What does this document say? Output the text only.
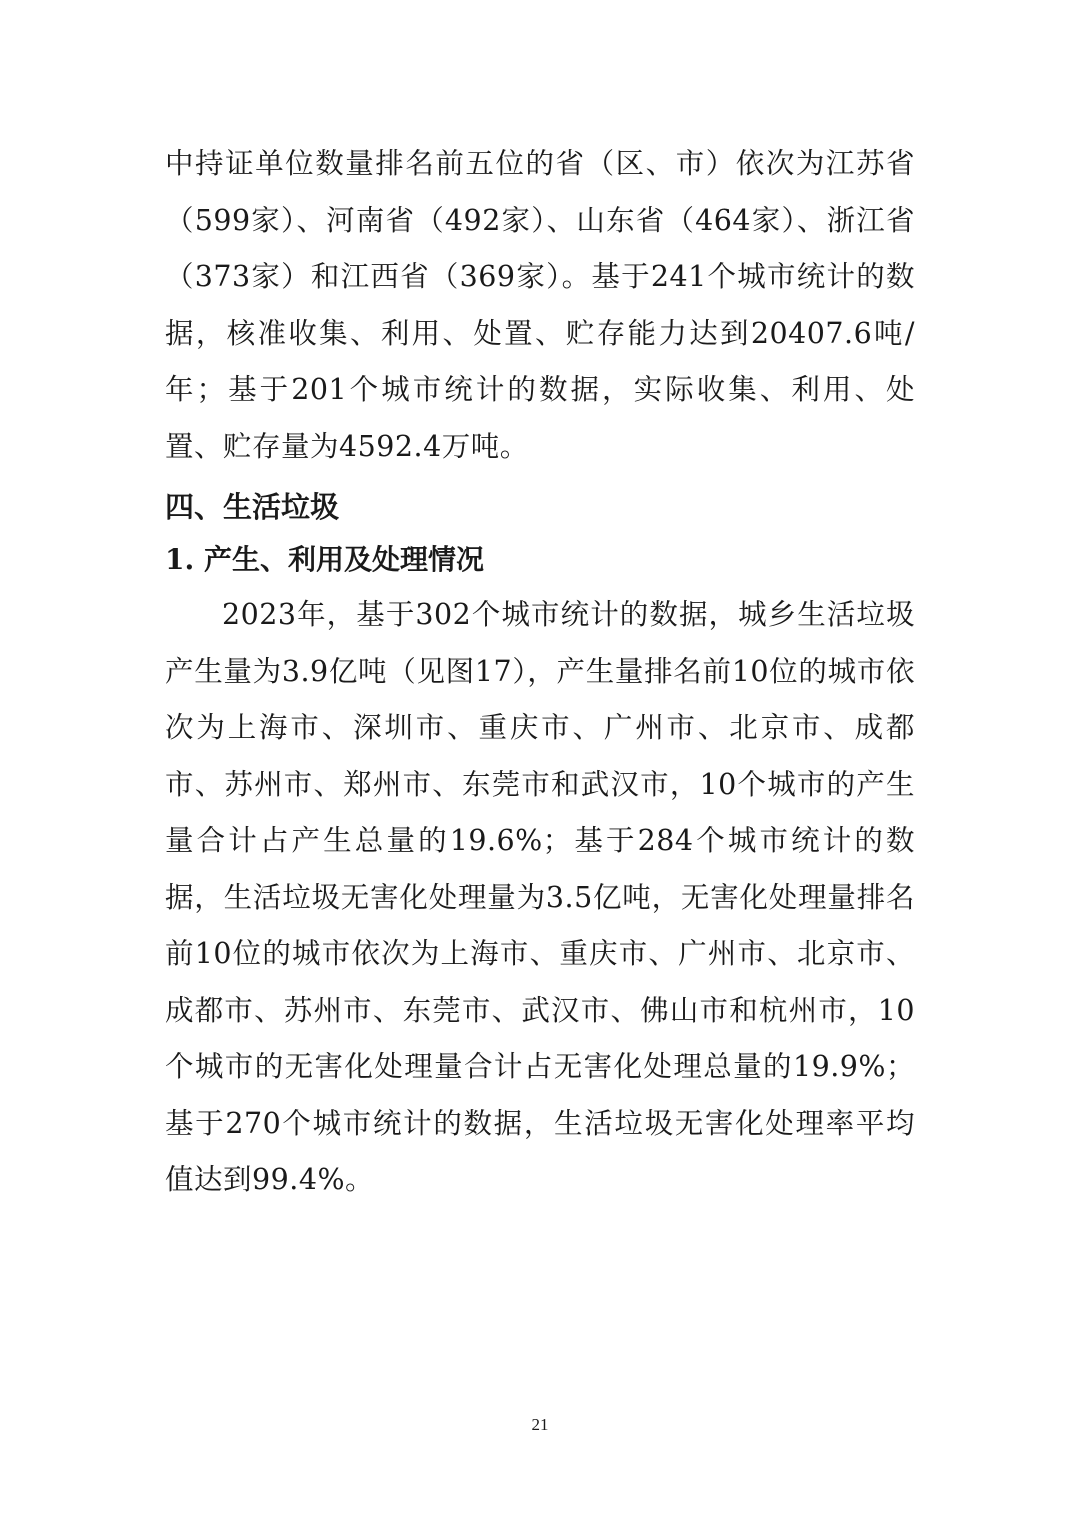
中持证单位数量排名前五位的省（区、市）依次为江苏省（599家）、河南省（492家）、山东省（464家）、浙江省（373家）和江西省（369家）。基于241个城市统计的数据，核准收集、利用、处置、贮存能力达到20407.6吨/年；基于201个城市统计的数据，实际收集、利用、处置、贮存量为4592.4万吨。

四、生活垃圾
1. 产生、利用及处理情况

2023年，基于302个城市统计的数据，城乡生活垃圾产生量为3.9亿吨（见图17），产生量排名前10位的城市依次为上海市、深圳市、重庆市、广州市、北京市、成都市、苏州市、郑州市、东莞市和武汉市，10个城市的产生量合计占产生总量的19.6%；基于284个城市统计的数据，生活垃圾无害化处理量为3.5亿吨，无害化处理量排名前10位的城市依次为上海市、重庆市、广州市、北京市、成都市、苏州市、东莞市、武汉市、佛山市和杭州市，10个城市的无害化处理量合计占无害化处理总量的19.9%；基于270个城市统计的数据，生活垃圾无害化处理率平均值达到99.4%。

21
